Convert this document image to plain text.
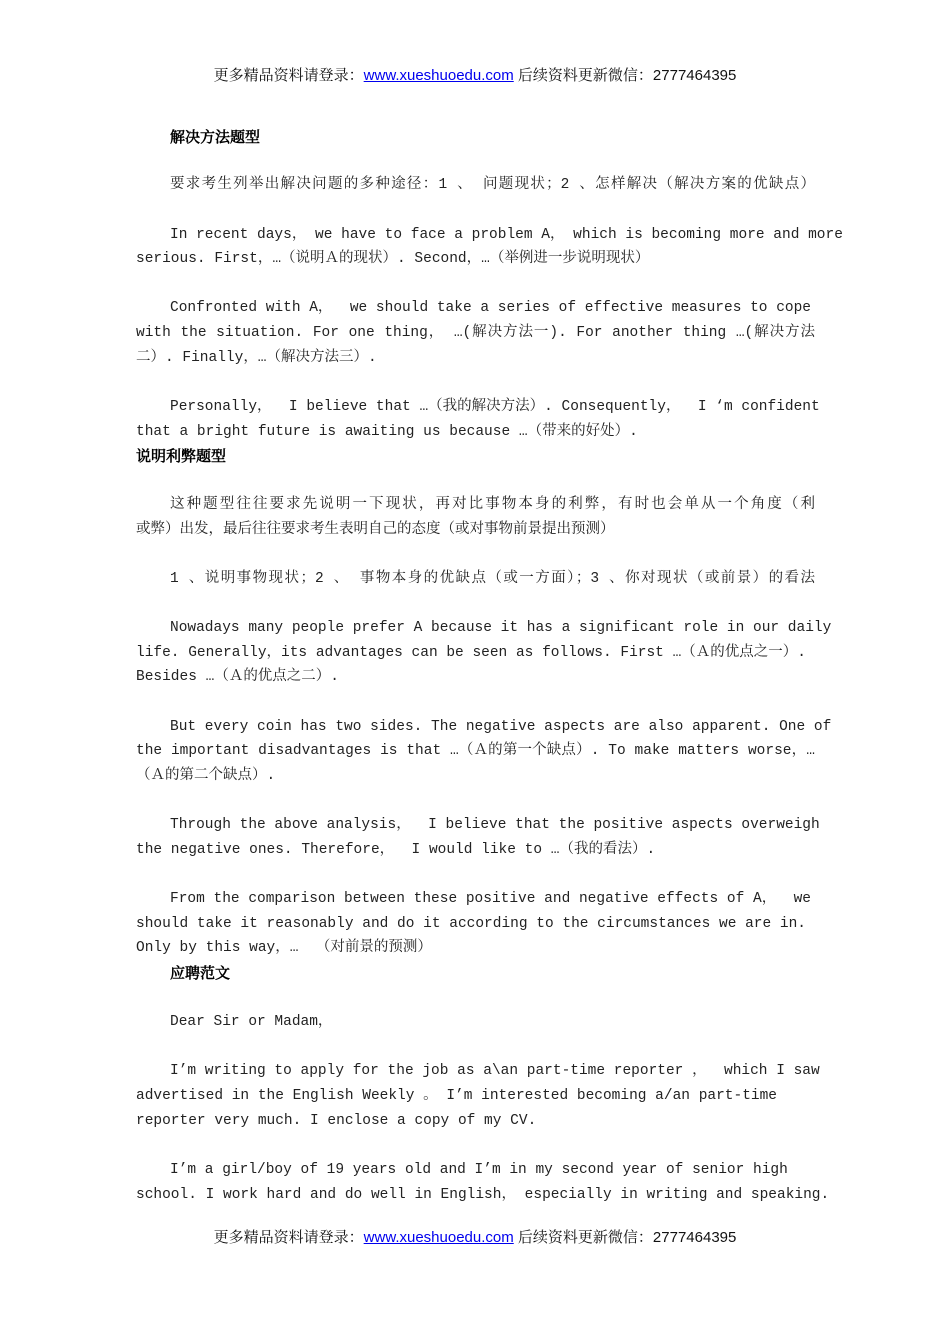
更多精品资料请登录：www.xueshuoedu.com 后续资料更新微信：2777464395
解决方法题型
要求考生列举出解决问题的多种途径：1 、 问题现状；2 、怎样解决（解决方案的优缺点）
In recent days， we have to face a problem A， which is becoming more and more
serious. First，…（说明Ａ的现状）. Second，…（举例进一步说明现状）
Confronted with A，  we should take a series of effective measures to cope
with the situation. For one thing， …(解决方法一). For another thing …(解决方法
二）. Finally，…（解决方法三）.
Personally，  I believe that …（我的解决方法）. Consequently，  I ‘m confident
that a bright future is awaiting us because …（带来的好处）.
说明利弊题型
这种题型往往要求先说明一下现状，再对比事物本身的利弊，有时也会单从一个角度（利
或弊）出发，最后往往要求考生表明自己的态度（或对事物前景提出预测）
1 、说明事物现状；2 、 事物本身的优缺点（或一方面）；3 、你对现状（或前景）的看法
Nowadays many people prefer A because it has a significant role in our daily
life. Generally，its advantages can be seen as follows. First …（Ａ的优点之一）.
Besides …（Ａ的优点之二）.
But every coin has two sides. The negative aspects are also apparent. One of
the important disadvantages is that …（Ａ的第一个缺点）. To make matters worse，…
（Ａ的第二个缺点）.
Through the above analysis，  I believe that the positive aspects overweigh
the negative ones. Therefore，  I would like to …（我的看法）.
From the comparison between these positive and negative effects of A，  we
should take it reasonably and do it according to the circumstances we are in.
Only by this way，…  （对前景的预测）
应聘范文
Dear Sir or Madam，
I’m writing to apply for the job as a\an part-time reporter ，  which I saw
advertised in the English Weekly 。 I’m interested becoming a/an part-time
reporter very much. I enclose a copy of my CV.
I’m a girl/boy of 19 years old and I’m in my second year of senior high
school. I work hard and do well in English， especially in writing and speaking.
更多精品资料请登录：www.xueshuoedu.com 后续资料更新微信：2777464395
